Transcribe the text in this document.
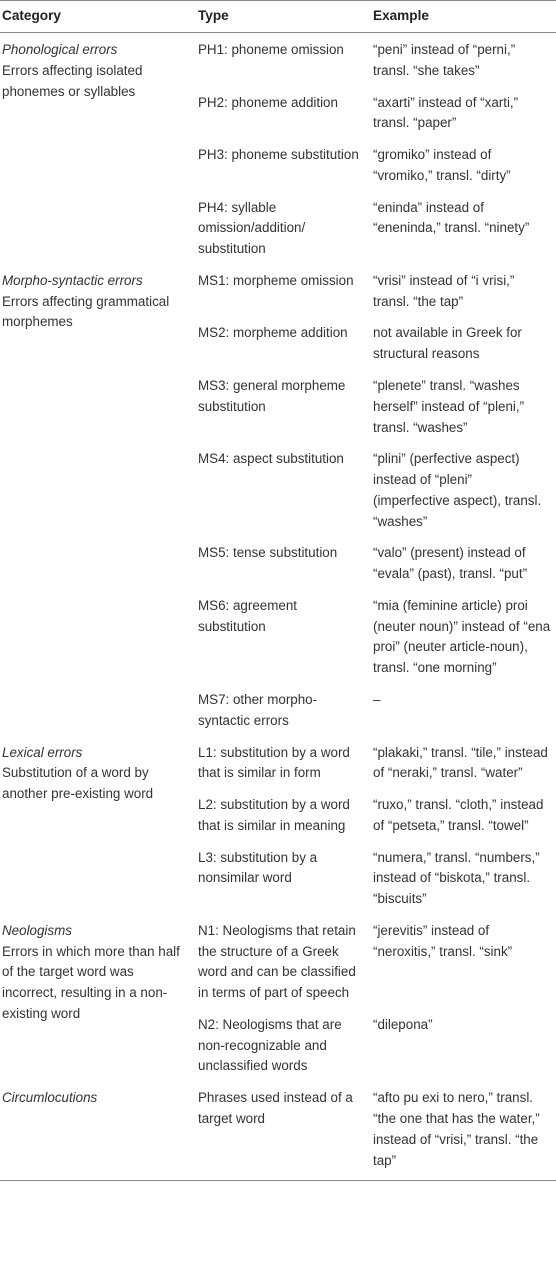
Category	Type	Example

Phonological errors
Errors affecting isolated phonemes or syllables	PH1: phoneme omission	“peni” instead of “perni,” transl. “she takes”
	PH2: phoneme addition	“axarti” instead of “xarti,” transl. “paper”
	PH3: phoneme substitution	“gromiko” instead of “vromiko,” transl. “dirty”
	PH4: syllable omission/addition/ substitution	“eninda” instead of “eneninda,” transl. “ninety”

Morpho-syntactic errors
Errors affecting grammatical morphemes	MS1: morpheme omission	“vrisi” instead of “i vrisi,” transl. “the tap”
	MS2: morpheme addition	not available in Greek for structural reasons
	MS3: general morpheme substitution	“plenete” transl. “washes herself” instead of “pleni,” transl. “washes”
	MS4: aspect substitution	“plini” (perfective aspect) instead of “pleni” (imperfective aspect), transl. “washes”
	MS5: tense substitution	“valo” (present) instead of “evala” (past), transl. “put”
	MS6: agreement substitution	“mia (feminine article) proi (neuter noun)” instead of “ena proi” (neuter article-noun), transl. “one morning”
	MS7: other morpho-syntactic errors	–

Lexical errors
Substitution of a word by another pre-existing word	L1: substitution by a word that is similar in form	“plakaki,” transl. “tile,” instead of “neraki,” transl. “water”
	L2: substitution by a word that is similar in meaning	“ruxo,” transl. “cloth,” instead of “petseta,” transl. “towel”
	L3: substitution by a nonsimilar word	“numera,” transl. “numbers,” instead of “biskota,” transl. “biscuits”

Neologisms
Errors in which more than half of the target word was incorrect, resulting in a non-existing word	N1: Neologisms that retain the structure of a Greek word and can be classified in terms of part of speech	“jerevitis” instead of “neroxitis,” transl. “sink”
	N2: Neologisms that are non-recognizable and unclassified words	“dilepona”

Circumlocutions	Phrases used instead of a target word	“afto pu exi to nero,” transl. “the one that has the water,” instead of “vrisi,” transl. “the tap”
